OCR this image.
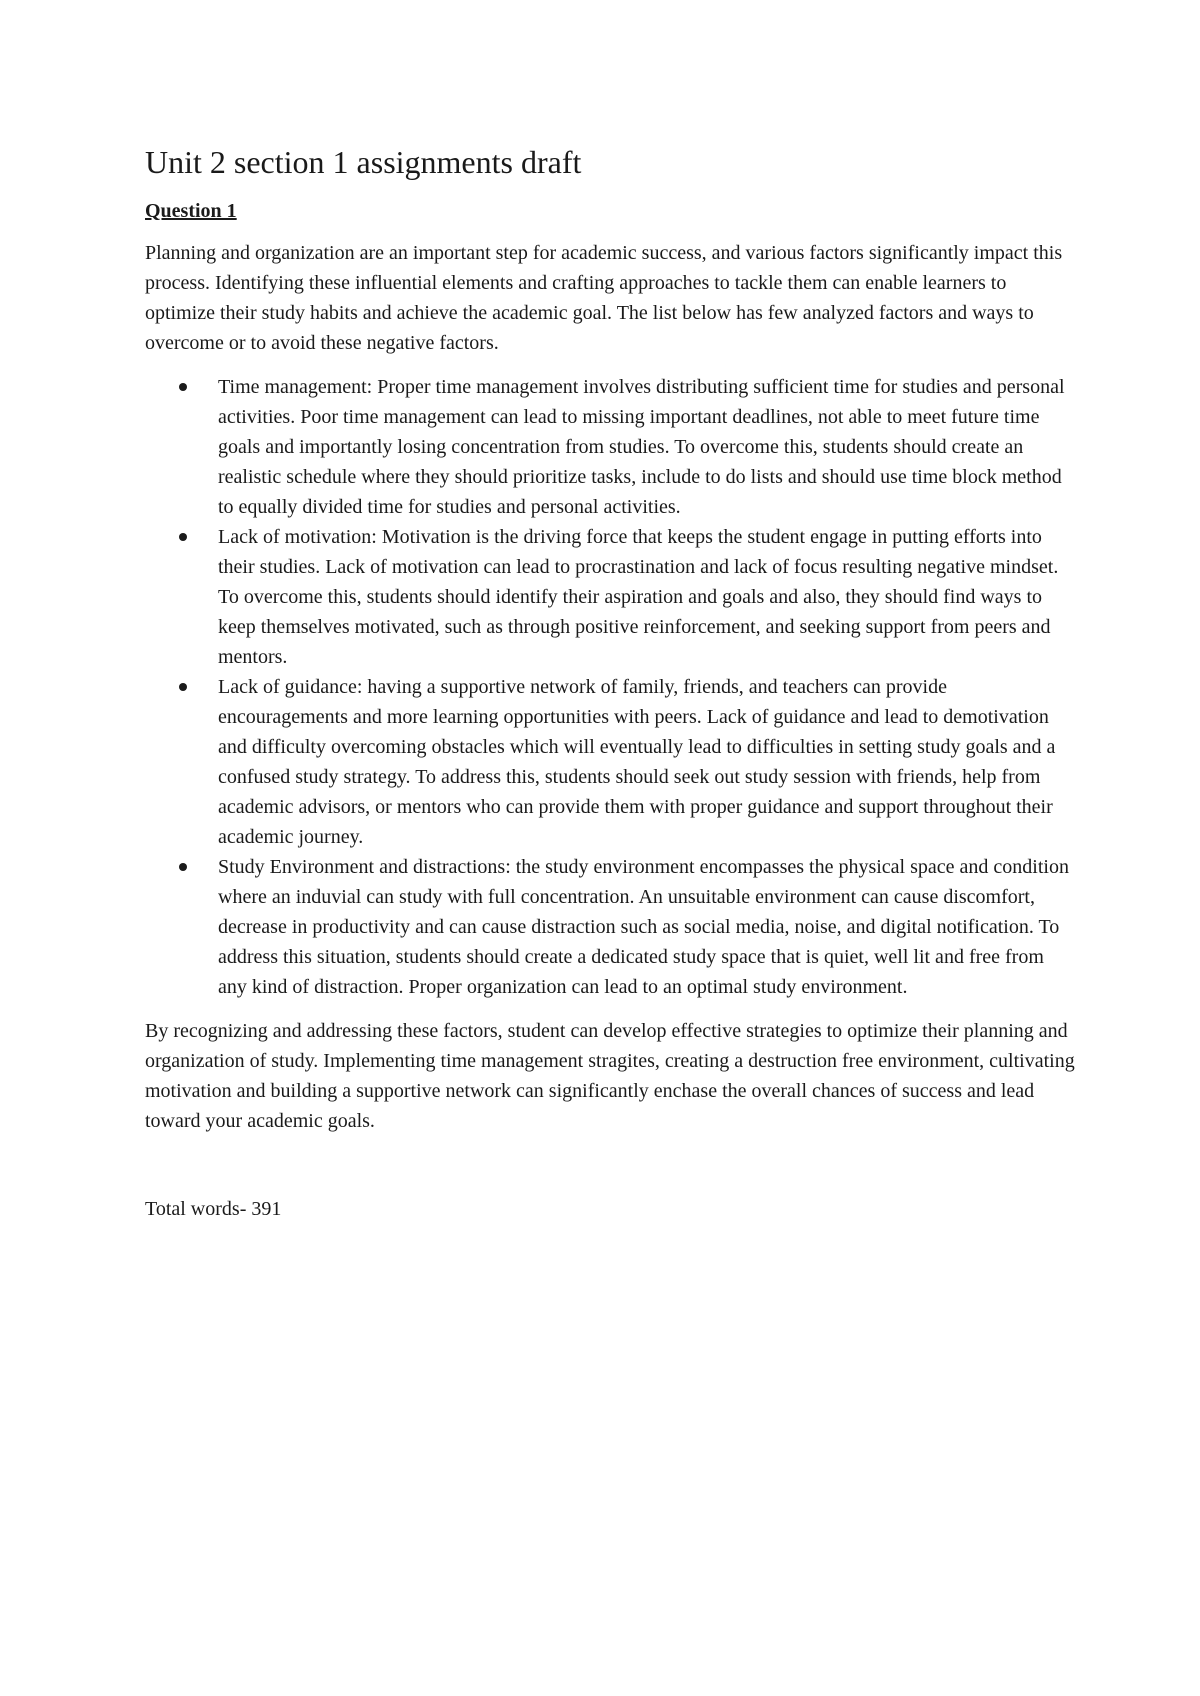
Unit 2 section 1 assignments draft
Question 1

Planning and organization are an important step for academic success, and various factors significantly impact this process. Identifying these influential elements and crafting approaches to tackle them can enable learners to optimize their study habits and achieve the academic goal. The list below has few analyzed factors and ways to overcome or to avoid these negative factors.

Time management: Proper time management involves distributing sufficient time for studies and personal activities. Poor time management can lead to missing important deadlines, not able to meet future time goals and importantly losing concentration from studies. To overcome this, students should create an realistic schedule where they should prioritize tasks, include to do lists and should use time block method to equally divided time for studies and personal activities.
Lack of motivation: Motivation is the driving force that keeps the student engage in putting efforts into their studies. Lack of motivation can lead to procrastination and lack of focus resulting negative mindset. To overcome this, students should identify their aspiration and goals and also, they should find ways to keep themselves motivated, such as through positive reinforcement, and seeking support from peers and mentors.
Lack of guidance: having a supportive network of family, friends, and teachers can provide encouragements and more learning opportunities with peers. Lack of guidance and lead to demotivation and difficulty overcoming obstacles which will eventually lead to difficulties in setting study goals and a confused study strategy. To address this, students should seek out study session with friends, help from academic advisors, or mentors who can provide them with proper guidance and support throughout their academic journey.
Study Environment and distractions: the study environment encompasses the physical space and condition where an induvial can study with full concentration. An unsuitable environment can cause discomfort, decrease in productivity and can cause distraction such as social media, noise, and digital notification. To address this situation, students should create a dedicated study space that is quiet, well lit and free from any kind of distraction. Proper organization can lead to an optimal study environment.

By recognizing and addressing these factors, student can develop effective strategies to optimize their planning and organization of study. Implementing time management stragites, creating a destruction free environment, cultivating motivation and building a supportive network can significantly enchase the overall chances of success and lead toward your academic goals.

Total words- 391
